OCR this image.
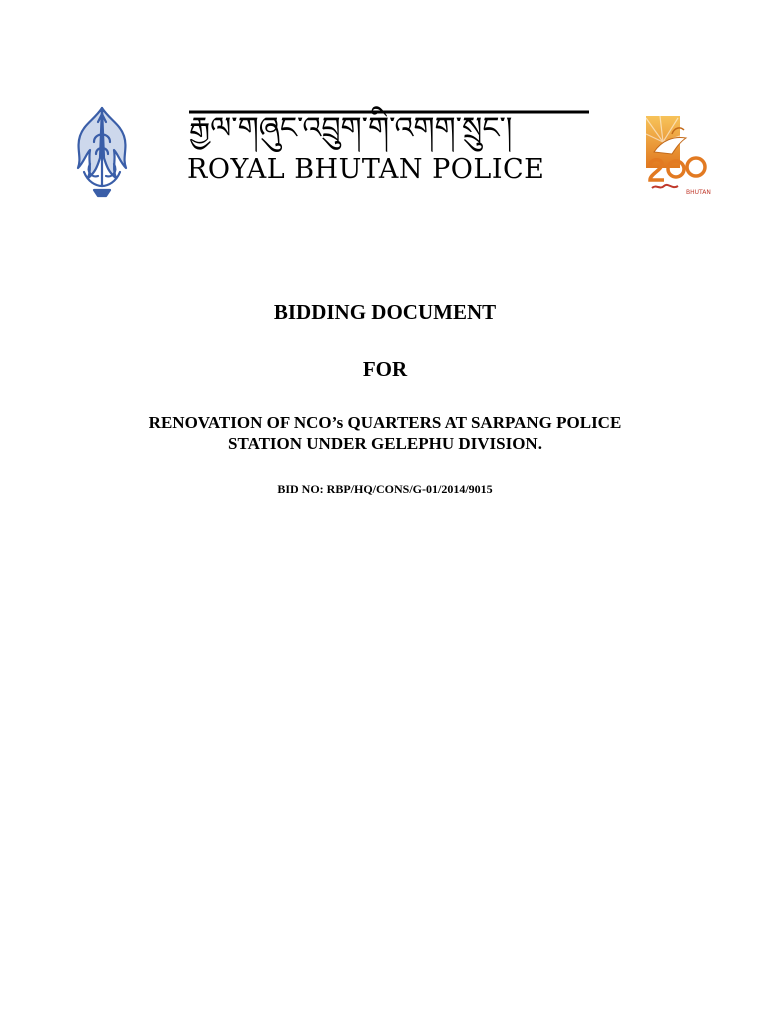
རྒྱལ་གཞུང་འབྲུག་གི་འགག་སྲུང་།
ROYAL BHUTAN POLICE
BHUTAN
BIDDING DOCUMENT
FOR
RENOVATION OF NCO’s QUARTERS AT SARPANG POLICE
STATION UNDER GELEPHU DIVISION.
BID NO: RBP/HQ/CONS/G-01/2014/9015
